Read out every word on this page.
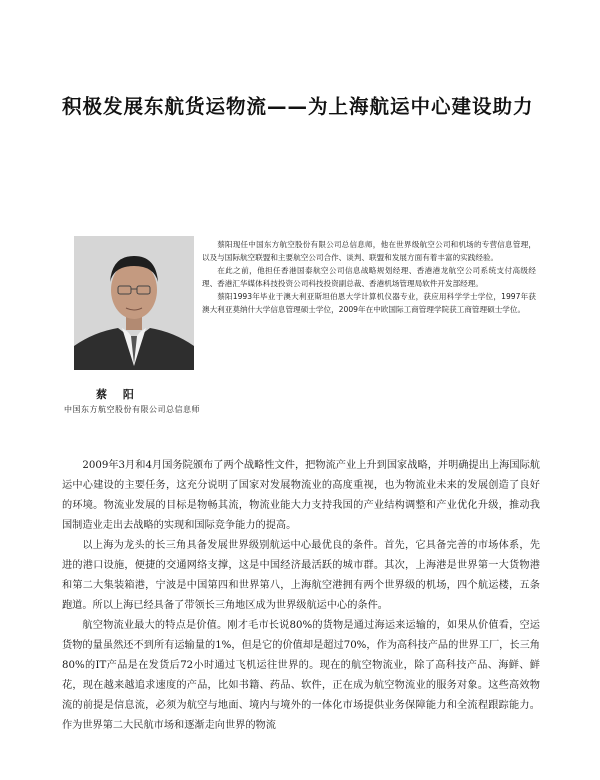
积极发展东航货运物流——为上海航运中心建设助力
蔡 阳
中国东方航空股份有限公司总信息师

蔡阳现任中国东方航空股份有限公司总信息师，他在世界级航空公司和机场的专营信息管理，以及与国际航空联盟和主要航空公司合作、谈判、联盟和发展方面有着丰富的实践经验。

在此之前，他担任香港国泰航空公司信息战略规划经理、香港港龙航空公司系统支付高级经理、香港汇华媒体科技投资公司科技投资副总裁、香港机场管理局软件开发部经理。

蔡阳1993年毕业于澳大利亚斯坦伯恩大学计算机仪器专业，获应用科学学士学位，1997年获澳大利亚莫纳什大学信息管理硕士学位，2009年在中欧国际工商管理学院获工商管理硕士学位。

2009年3月和4月国务院颁布了两个战略性文件，把物流产业上升到国家战略，并明确提出上海国际航运中心建设的主要任务，这充分说明了国家对发展物流业的高度重视，也为物流业未来的发展创造了良好的环境。物流业发展的目标是物畅其流，物流业能大力支持我国的产业结构调整和产业优化升级，推动我国制造业走出去战略的实现和国际竞争能力的提高。

以上海为龙头的长三角具备发展世界级别航运中心最优良的条件。首先，它具备完善的市场体系，先进的港口设施，便捷的交通网络支撑，这是中国经济最活跃的城市群。其次，上海港是世界第一大货物港和第二大集装箱港，宁波是中国第四和世界第八，上海航空港拥有两个世界级的机场，四个航运楼，五条跑道。所以上海已经具备了带领长三角地区成为世界级航运中心的条件。

航空物流业最大的特点是价值。刚才毛市长说80%的货物是通过海运来运输的，如果从价值看，空运货物的量虽然还不到所有运输量的1%，但是它的价值却是超过70%，作为高科技产品的世界工厂，长三角80%的IT产品是在发货后72小时通过飞机运往世界的。现在的航空物流业，除了高科技产品、海鲜、鲜花，现在越来越追求速度的产品，比如书籍、药品、软件，正在成为航空物流业的服务对象。这些高效物流的前提是信息流，必须为航空与地面、境内与境外的一体化市场提供业务保障能力和全流程跟踪能力。作为世界第二大民航市场和逐渐走向世界的物流
